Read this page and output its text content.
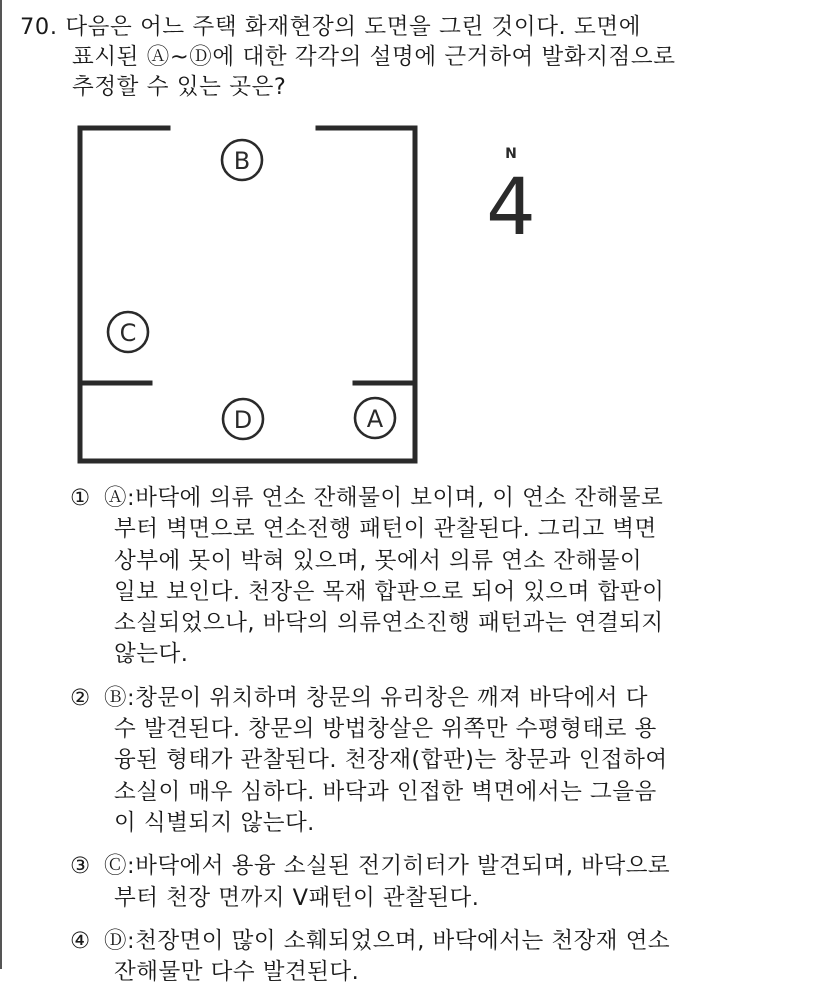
70. 다음은 어느 주택 화재현장의 도면을 그린 것이다. 도면에
표시된 Ⓐ~Ⓓ에 대한 각각의 설명에 근거하여 발화지점으로
추정할 수 있는 곳은?
B
C
D	A
N
4
① Ⓐ:바닥에 의류 연소 잔해물이 보이며, 이 연소 잔해물로
부터 벽면으로 연소전행 패턴이 관찰된다. 그리고 벽면
상부에 못이 박혀 있으며, 못에서 의류 연소 잔해물이
일보 보인다. 천장은 목재 합판으로 되어 있으며 합판이
소실되었으나, 바닥의 의류연소진행 패턴과는 연결되지
않는다.
② Ⓑ:창문이 위치하며 창문의 유리창은 깨져 바닥에서 다
수 발견된다. 창문의 방법창살은 위쪽만 수평형태로 용
융된 형태가 관찰된다. 천장재(합판)는 창문과 인접하여
소실이 매우 심하다. 바닥과 인접한 벽면에서는 그을음
이 식별되지 않는다.
③ Ⓒ:바닥에서 용융 소실된 전기히터가 발견되며, 바닥으로
부터 천장 면까지 V패턴이 관찰된다.
④ Ⓓ:천장면이 많이 소훼되었으며, 바닥에서는 천장재 연소
잔해물만 다수 발견된다.
